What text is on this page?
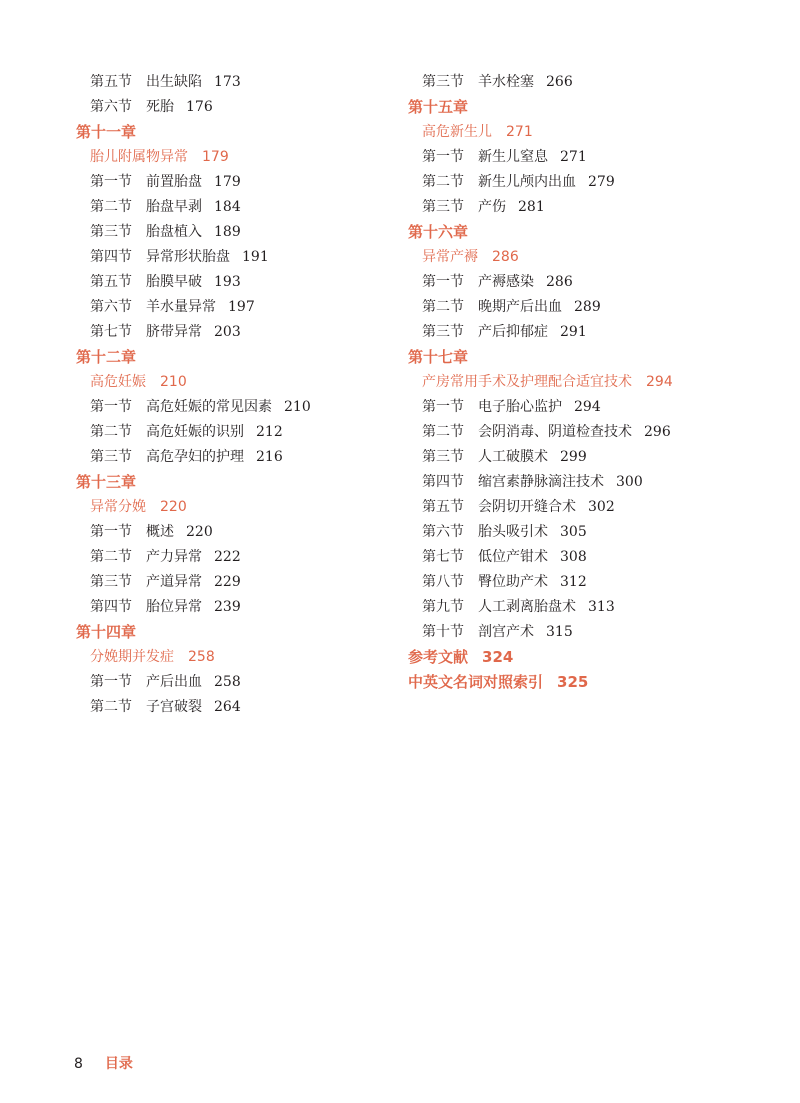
第五节 出生缺陷 173
第六节 死胎 176
第十一章
胎儿附属物异常 179
第一节 前置胎盘 179
第二节 胎盘早剥 184
第三节 胎盘植入 189
第四节 异常形状胎盘 191
第五节 胎膜早破 193
第六节 羊水量异常 197
第七节 脐带异常 203
第十二章
高危妊娠 210
第一节 高危妊娠的常见因素 210
第二节 高危妊娠的识别 212
第三节 高危孕妇的护理 216
第十三章
异常分娩 220
第一节 概述 220
第二节 产力异常 222
第三节 产道异常 229
第四节 胎位异常 239
第十四章
分娩期并发症 258
第一节 产后出血 258
第二节 子宫破裂 264
第三节 羊水栓塞 266
第十五章
高危新生儿 271
第一节 新生儿窒息 271
第二节 新生儿颅内出血 279
第三节 产伤 281
第十六章
异常产褥 286
第一节 产褥感染 286
第二节 晚期产后出血 289
第三节 产后抑郁症 291
第十七章
产房常用手术及护理配合适宜技术 294
第一节 电子胎心监护 294
第二节 会阴消毒、阴道检查技术 296
第三节 人工破膜术 299
第四节 缩宫素静脉滴注技术 300
第五节 会阴切开缝合术 302
第六节 胎头吸引术 305
第七节 低位产钳术 308
第八节 臀位助产术 312
第九节 人工剥离胎盘术 313
第十节 剖宫产术 315
参考文献 324
中英文名词对照索引 325
8 目录
